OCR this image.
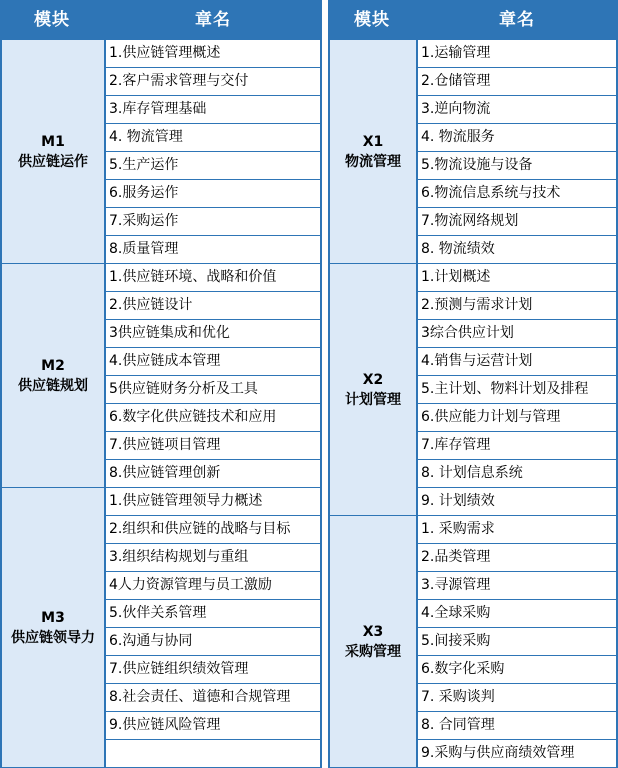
模块	章名
M1
供应链运作
1.供应链管理概述
2.客户需求管理与交付
3.库存管理基础
4. 物流管理
5.生产运作
6.服务运作
7.采购运作
8.质量管理
M2
供应链规划
1.供应链环境、战略和价值
2.供应链设计
3供应链集成和优化
4.供应链成本管理
5供应链财务分析及工具
6.数字化供应链技术和应用
7.供应链项目管理
8.供应链管理创新
M3
供应链领导力
1.供应链管理领导力概述
2.组织和供应链的战略与目标
3.组织结构规划与重组
4人力资源管理与员工激励
5.伙伴关系管理
6.沟通与协同
7.供应链组织绩效管理
8.社会责任、道德和合规管理
9.供应链风险管理
模块	章名
X1
物流管理
1.运输管理
2.仓储管理
3.逆向物流
4. 物流服务
5.物流设施与设备
6.物流信息系统与技术
7.物流网络规划
8. 物流绩效
X2
计划管理
1.计划概述
2.预测与需求计划
3综合供应计划
4.销售与运营计划
5.主计划、物料计划及排程
6.供应能力计划与管理
7.库存管理
8. 计划信息系统
9. 计划绩效
X3
采购管理
1. 采购需求
2.品类管理
3.寻源管理
4.全球采购
5.间接采购
6.数字化采购
7. 采购谈判
8. 合同管理
9.采购与供应商绩效管理
